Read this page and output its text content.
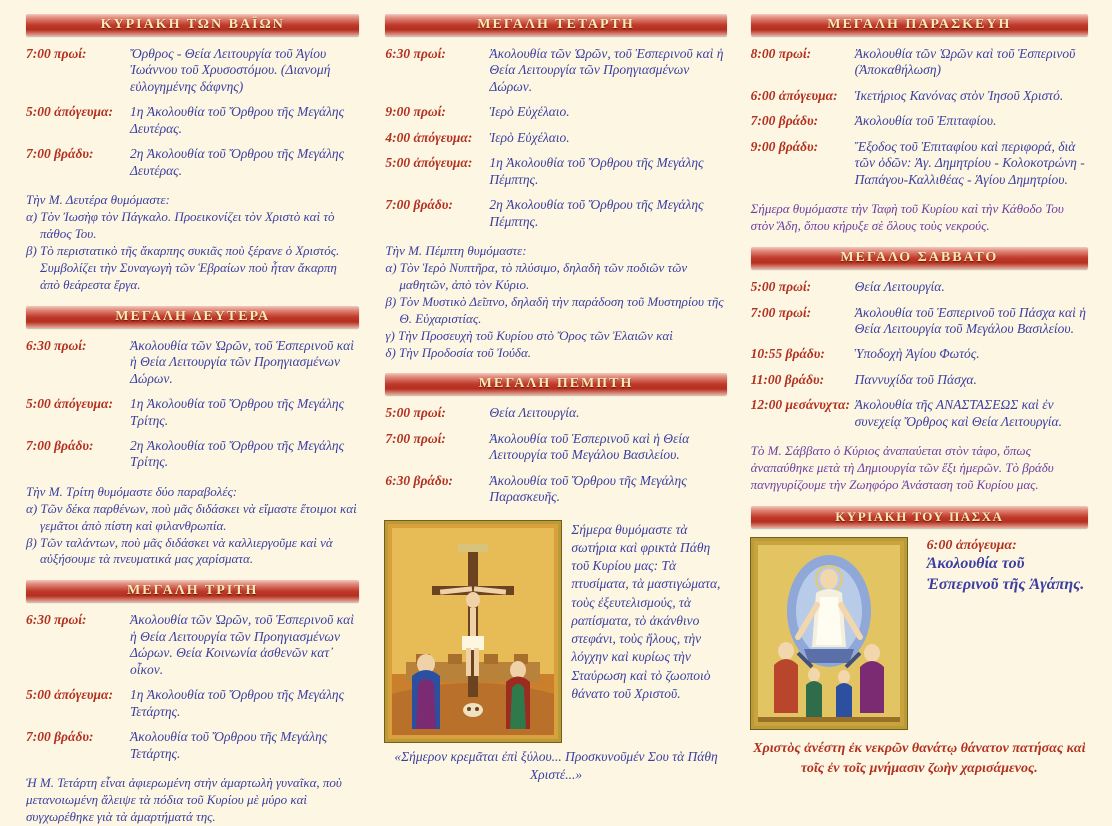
ΚΥΡΙΑΚΗ ΤΩΝ ΒΑΪΩΝ
7:00 πρωί:	Ὄρθρος - Θεία Λειτουργία τοῦ Ἁγίου Ἰωάννου τοῦ Χρυσοστόμου. (Διανομή εὐλογημένης δάφνης)
5:00 ἀπόγευμα:	1η Ἀκολουθία τοῦ Ὄρθρου τῆς Μεγάλης Δευτέρας.
7:00 βράδυ:	2η Ἀκολουθία τοῦ Ὄρθρου τῆς Μεγάλης Δευτέρας.
Τὴν Μ. Δευτέρα θυμόμαστε:
α) Τὸν Ἰωσὴφ τὸν Πάγκαλο. Προεικονίζει τὸν Χριστὸ καὶ τὸ πάθος Του.
β) Τὸ περιστατικὸ τῆς ἄκαρπης συκιᾶς ποὺ ξέρανε ὁ Χριστός. Συμβολίζει τὴν Συναγωγὴ τῶν Ἑβραίων ποὺ ἦταν ἄκαρπη ἀπὸ θεάρεστα ἔργα.
ΜΕΓΑΛΗ ΔΕΥΤΕΡΑ
6:30 πρωί:	Ἀκολουθία τῶν Ὡρῶν, τοῦ Ἑσπερινοῦ καὶ ἡ Θεία Λειτουργία τῶν Προηγιασμένων Δώρων.
5:00 ἀπόγευμα:	1η Ἀκολουθία τοῦ Ὄρθρου τῆς Μεγάλης Τρίτης.
7:00 βράδυ:	2η Ἀκολουθία τοῦ Ὄρθρου τῆς Μεγάλης Τρίτης.
Τὴν Μ. Τρίτη θυμόμαστε δύο παραβολές:
α) Τῶν δέκα παρθένων, ποὺ μᾶς διδάσκει νὰ εἴμαστε ἕτοιμοι καὶ γεμᾶτοι ἀπὸ πίστη καὶ φιλανθρωπία.
β) Τῶν ταλάντων, ποὺ μᾶς διδάσκει νὰ καλλιεργοῦμε καὶ νὰ αὐξήσουμε τὰ πνευματικά μας χαρίσματα.
ΜΕΓΑΛΗ ΤΡΙΤΗ
6:30 πρωί:	Ἀκολουθία τῶν Ὡρῶν, τοῦ Ἑσπερινοῦ καὶ ἡ Θεία Λειτουργία τῶν Προηγιασμένων Δώρων. Θεία Κοινωνία ἀσθενῶν κατ᾿ οἶκον.
5:00 ἀπόγευμα:	1η Ἀκολουθία τοῦ Ὄρθρου τῆς Μεγάλης Τετάρτης.
7:00 βράδυ:	Ἀκολουθία τοῦ Ὄρθρου τῆς Μεγάλης Τετάρτης.
Ἡ Μ. Τετάρτη εἶναι ἀφιερωμένη στὴν ἁμαρτωλὴ γυναῖκα, ποὺ μετανοιωμένη ἄλειψε τὰ πόδια τοῦ Κυρίου μὲ μύρο καὶ συγχωρέθηκε γιὰ τὰ ἁμαρτήματά της.
ΜΕΓΑΛΗ ΤΕΤΑΡΤΗ
6:30 πρωί:	Ἀκολουθία τῶν Ὡρῶν, τοῦ Ἑσπερινοῦ καὶ ἡ Θεία Λειτουργία τῶν Προηγιασμένων Δώρων.
9:00 πρωί:	Ἱερὸ Εὐχέλαιο.
4:00 ἀπόγευμα:	Ἱερὸ Εὐχέλαιο.
5:00 ἀπόγευμα:	1η Ἀκολουθία τοῦ Ὄρθρου τῆς Μεγάλης Πέμπτης.
7:00 βράδυ:	2η Ἀκολουθία τοῦ Ὄρθρου τῆς Μεγάλης Πέμπτης.
Τὴν Μ. Πέμπτη θυμόμαστε:
α) Τὸν Ἱερὸ Νυπτῆρα, τὸ πλύσιμο, δηλαδὴ τῶν ποδιῶν τῶν μαθητῶν, ἀπὸ τὸν Κύριο.
β) Τὸν Μυστικὸ Δεῖπνο, δηλαδὴ τὴν παράδοση τοῦ Μυστηρίου τῆς Θ. Εὐχαριστίας.
γ) Τὴν Προσευχὴ τοῦ Κυρίου στὸ Ὄρος τῶν Ἐλαιῶν καὶ
δ) Τὴν Προδοσία τοῦ Ἰούδα.
ΜΕΓΑΛΗ ΠΕΜΠΤΗ
5:00 πρωί:	Θεία Λειτουργία.
7:00 πρωί:	Ἀκολουθία τοῦ Ἑσπερινοῦ καὶ ἡ Θεία Λειτουργία τοῦ Μεγάλου Βασιλείου.
6:30 βράδυ:	Ἀκολουθία τοῦ Ὄρθρου τῆς Μεγάλης Παρασκευῆς.
Σήμερα θυμόμαστε τὰ σωτήρια καὶ φρικτὰ Πάθη τοῦ Κυρίου μας: Τὰ πτυσίματα, τὰ μαστιγώματα, τοὺς ἐξευτελισμούς, τὰ ραπίσματα, τὸ ἀκάνθινο στεφάνι, τοὺς ἥλους, τὴν λόγχην καὶ κυρίως τὴν Σταύρωση καὶ τὸ ζωοποιὸ θάνατο τοῦ Χριστοῦ.
«Σήμερον κρεμᾶται ἐπὶ ξύλου... Προσκυνοῦμέν Σου τὰ Πάθη Χριστέ...»
ΜΕΓΑΛΗ ΠΑΡΑΣΚΕΥΗ
8:00 πρωί:	Ἀκολουθία τῶν Ὡρῶν καὶ τοῦ Ἑσπερινοῦ (Ἀποκαθήλωση)
6:00 ἀπόγευμα:	Ἱκετήριος Κανόνας στὸν Ἰησοῦ Χριστό.
7:00 βράδυ:	Ἀκολουθία τοῦ Ἐπιταφίου.
9:00 βράδυ:	Ἔξοδος τοῦ Ἐπιταφίου καὶ περιφορά, διὰ τῶν ὁδῶν: Ἁγ. Δημητρίου - Κολοκοτρώνη - Παπάγου-Καλλιθέας - Ἁγίου Δημητρίου.
Σήμερα θυμόμαστε τὴν Ταφὴ τοῦ Κυρίου καὶ τὴν Κάθοδο Του στὸν Ἅδη, ὅπου κήρυξε σὲ ὅλους τοὺς νεκρούς.
ΜΕΓΑΛΟ ΣΑΒΒΑΤΟ
5:00 πρωί:	Θεία Λειτουργία.
7:00 πρωί:	Ἀκολουθία τοῦ Ἑσπερινοῦ τοῦ Πάσχα καὶ ἡ Θεία Λειτουργία τοῦ Μεγάλου Βασιλείου.
10:55 βράδυ:	Ὑποδοχὴ Ἁγίου Φωτός.
11:00 βράδυ:	Παννυχίδα τοῦ Πάσχα.
12:00 μεσάνυχτα:	Ἀκολουθία τῆς ΑΝΑΣΤΑΣΕΩΣ καὶ ἐν συνεχείᾳ Ὄρθρος καὶ Θεία Λειτουργία.
Τὸ Μ. Σάββατο ὁ Κύριος ἀναπαύεται στὸν τάφο, ὅπως ἀναπαύθηκε μετὰ τὴ Δημιουργία τῶν ἕξι ἡμερῶν. Τὸ βράδυ πανηγυρίζουμε τὴν Ζωηφόρο Ἀνάσταση τοῦ Κυρίου μας.
ΚΥΡΙΑΚΗ ΤΟΥ ΠΑΣΧΑ
6:00 ἀπόγευμα:
Ἀκολουθία τοῦ Ἑσπερινοῦ τῆς Ἀγάπης.
Χριστὸς ἀνέστη ἐκ νεκρῶν θανάτῳ θάνατον πατήσας καὶ τοῖς ἐν τοῖς μνήμασιν ζωὴν χαρισάμενος.
